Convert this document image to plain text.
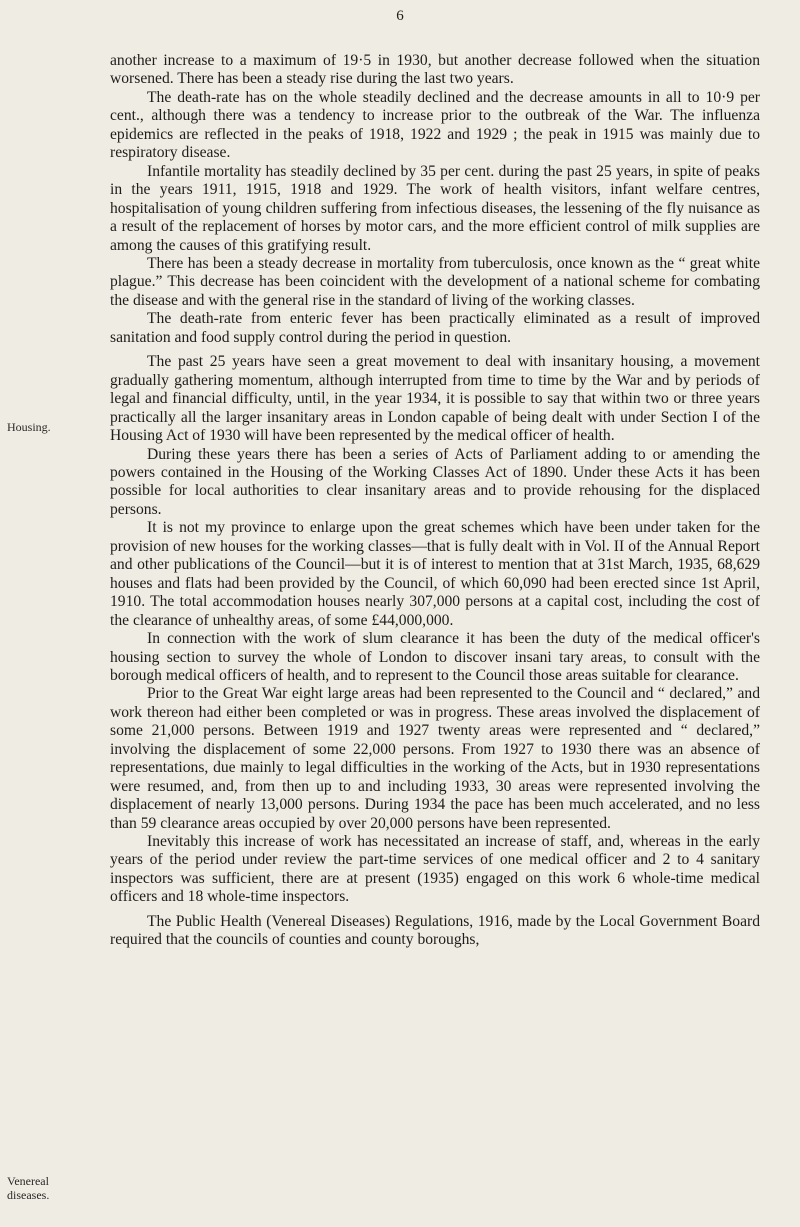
6
Housing.
Venereal
diseases.

another increase to a maximum of 19·5 in 1930, but another decrease followed when the situation worsened. There has been a steady rise during the last two years.

The death-rate has on the whole steadily declined and the decrease amounts in all to 10·9 per cent., although there was a tendency to increase prior to the outbreak of the War. The influenza epidemics are reflected in the peaks of 1918, 1922 and 1929 ; the peak in 1915 was mainly due to respiratory disease.

Infantile mortality has steadily declined by 35 per cent. during the past 25 years, in spite of peaks in the years 1911, 1915, 1918 and 1929. The work of health visitors, infant welfare centres, hospitalisation of young children suffering from infectious diseases, the lessening of the fly nuisance as a result of the replacement of horses by motor cars, and the more efficient control of milk supplies are among the causes of this gratifying result.

There has been a steady decrease in mortality from tuberculosis, once known as the “ great white plague.” This decrease has been coincident with the development of a national scheme for combating the disease and with the general rise in the standard of living of the working classes.

The death-rate from enteric fever has been practically eliminated as a result of improved sanitation and food supply control during the period in question.

The past 25 years have seen a great movement to deal with insanitary housing, a movement gradually gathering momentum, although interrupted from time to time by the War and by periods of legal and financial difficulty, until, in the year 1934, it is possible to say that within two or three years practically all the larger insanitary areas in London capable of being dealt with under Section I of the Housing Act of 1930 will have been represented by the medical officer of health.

During these years there has been a series of Acts of Parliament adding to or amending the powers contained in the Housing of the Working Classes Act of 1890. Under these Acts it has been possible for local authorities to clear insanitary areas and to provide rehousing for the displaced persons.

It is not my province to enlarge upon the great schemes which have been under taken for the provision of new houses for the working classes—that is fully dealt with in Vol. II of the Annual Report and other publications of the Council—but it is of interest to mention that at 31st March, 1935, 68,629 houses and flats had been provided by the Council, of which 60,090 had been erected since 1st April, 1910. The total accommodation houses nearly 307,000 persons at a capital cost, including the cost of the clearance of unhealthy areas, of some £44,000,000.

In connection with the work of slum clearance it has been the duty of the medical officer's housing section to survey the whole of London to discover insani tary areas, to consult with the borough medical officers of health, and to represent to the Council those areas suitable for clearance.

Prior to the Great War eight large areas had been represented to the Council and “ declared,” and work thereon had either been completed or was in progress. These areas involved the displacement of some 21,000 persons. Between 1919 and 1927 twenty areas were represented and “ declared,” involving the displacement of some 22,000 persons. From 1927 to 1930 there was an absence of representations, due mainly to legal difficulties in the working of the Acts, but in 1930 representations were resumed, and, from then up to and including 1933, 30 areas were represented involving the displacement of nearly 13,000 persons. During 1934 the pace has been much accelerated, and no less than 59 clearance areas occupied by over 20,000 persons have been represented.

Inevitably this increase of work has necessitated an increase of staff, and, whereas in the early years of the period under review the part-time services of one medical officer and 2 to 4 sanitary inspectors was sufficient, there are at present (1935) engaged on this work 6 whole-time medical officers and 18 whole-time inspectors.

The Public Health (Venereal Diseases) Regulations, 1916, made by the Local Government Board required that the councils of counties and county boroughs,
